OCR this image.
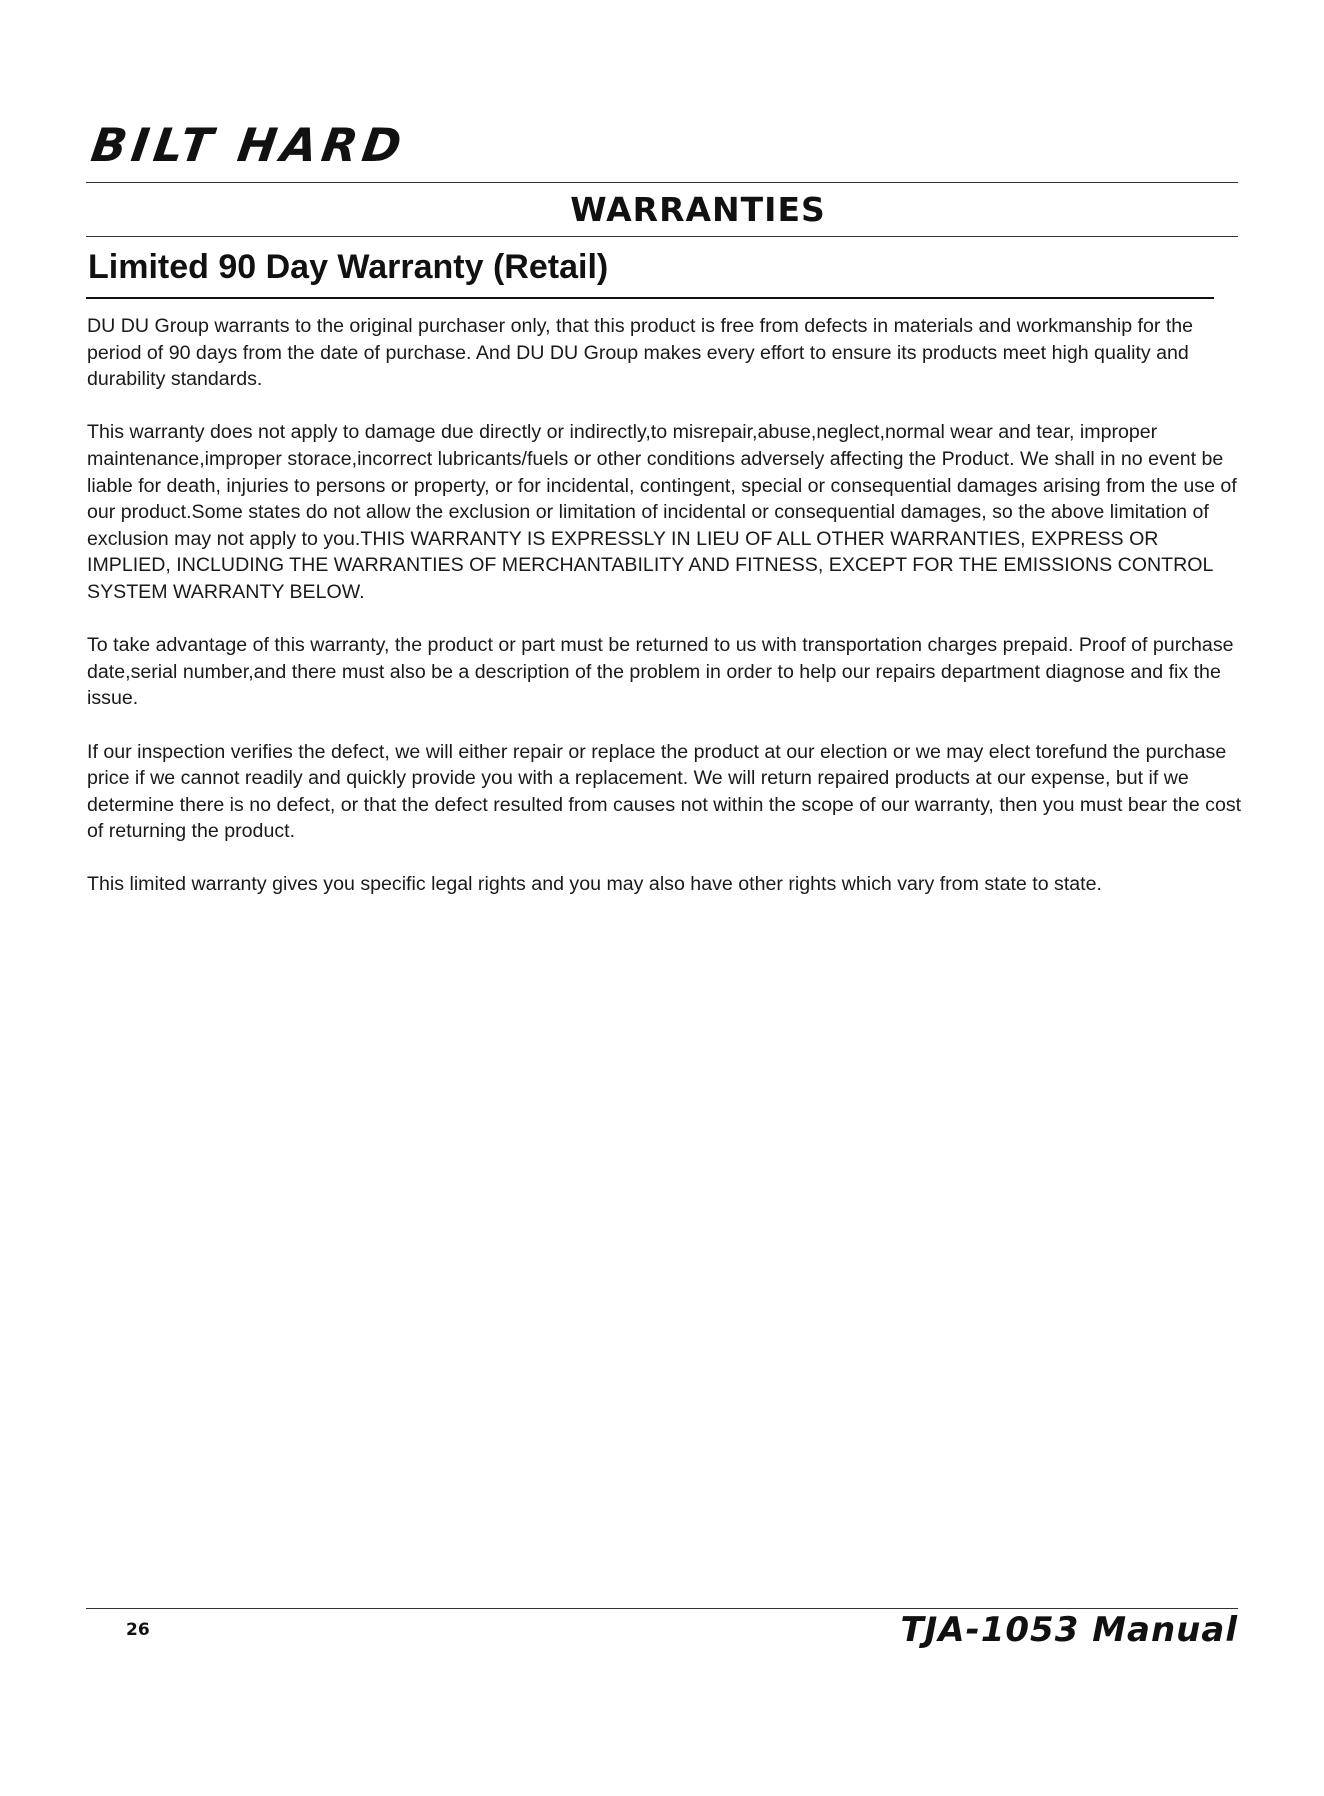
BILT HARD
WARRANTIES
Limited 90 Day Warranty (Retail)

DU DU Group warrants to the original purchaser only, that this product is free from defects in materials and workmanship for the period of 90 days from the date of purchase. And DU DU Group makes every effort to ensure its products meet high quality and durability standards.

This warranty does not apply to damage due directly or indirectly,to misrepair,abuse,neglect,normal wear and tear, improper maintenance,improper storace,incorrect lubricants/fuels or other conditions adversely affecting the Product. We shall in no event be liable for death, injuries to persons or property, or for incidental, contingent, special or consequential damages arising from the use of our product.Some states do not allow the exclusion or limitation of incidental or consequential damages, so the above limitation of exclusion may not apply to you.THIS WARRANTY IS EXPRESSLY IN LIEU OF ALL OTHER WARRANTIES, EXPRESS OR IMPLIED, INCLUDING THE WARRANTIES OF MERCHANTABILITY AND FITNESS, EXCEPT FOR THE EMISSIONS CONTROL SYSTEM WARRANTY BELOW.

To take advantage of this warranty, the product or part must be returned to us with transportation charges prepaid. Proof of purchase date,serial number,and there must also be a description of the problem in order to help our repairs department diagnose and fix the issue.

If our inspection verifies the defect, we will either repair or replace the product at our election or we may elect torefund the purchase price if we cannot readily and quickly provide you with a replacement. We will return repaired products at our expense, but if we determine there is no defect, or that the defect resulted from causes not within the scope of our warranty, then you must bear the cost of returning the product.

This limited warranty gives you specific legal rights and you may also have other rights which vary from state to state.

26	TJA-1053 Manual
